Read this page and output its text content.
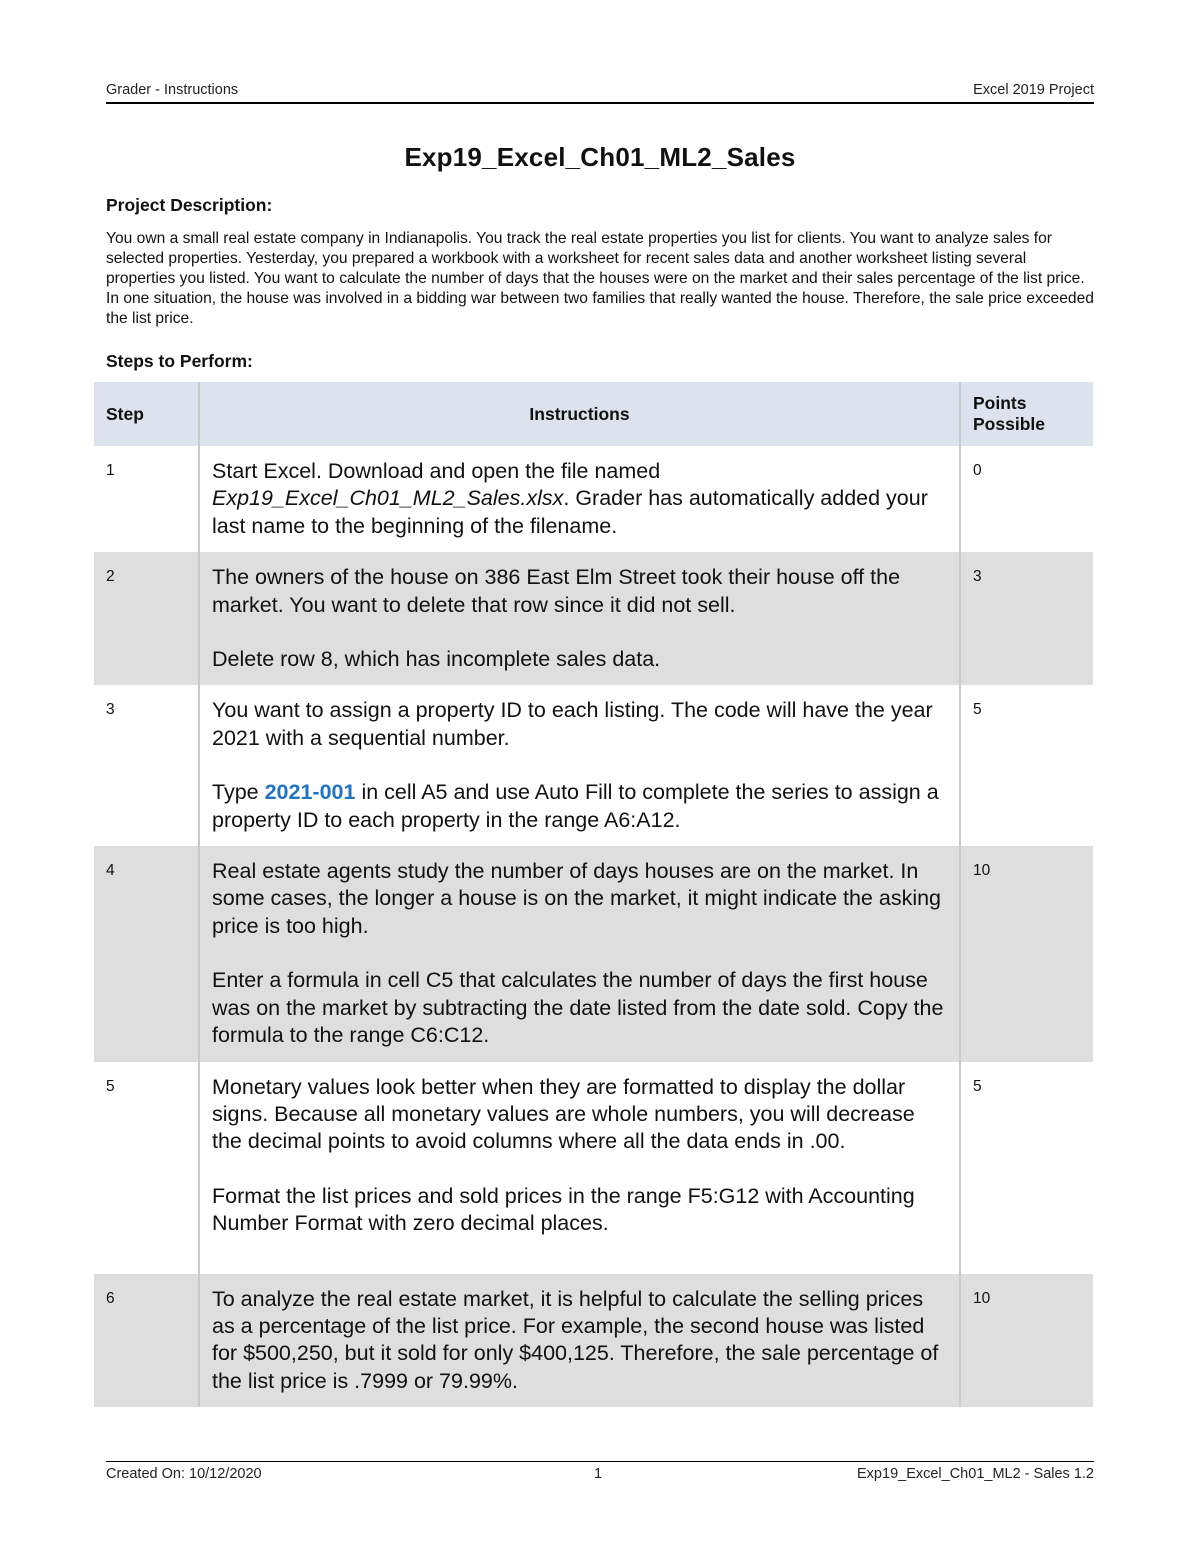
Grader - Instructions	Excel 2019 Project
Exp19_Excel_Ch01_ML2_Sales
Project Description:
You own a small real estate company in Indianapolis. You track the real estate properties you list for clients. You want to analyze sales for selected properties. Yesterday, you prepared a workbook with a worksheet for recent sales data and another worksheet listing several properties you listed. You want to calculate the number of days that the houses were on the market and their sales percentage of the list price. In one situation, the house was involved in a bidding war between two families that really wanted the house. Therefore, the sale price exceeded the list price.
Steps to Perform:
Step	Instructions	Points
Possible
1	Start Excel. Download and open the file named Exp19_Excel_Ch01_ML2_Sales.xlsx. Grader has automatically added your last name to the beginning of the filename.	0
2	The owners of the house on 386 East Elm Street took their house off the market. You want to delete that row since it did not sell.

Delete row 8, which has incomplete sales data.	3
3	You want to assign a property ID to each listing. The code will have the year 2021 with a sequential number.

Type 2021-001 in cell A5 and use Auto Fill to complete the series to assign a property ID to each property in the range A6:A12.	5
4	Real estate agents study the number of days houses are on the market. In some cases, the longer a house is on the market, it might indicate the asking price is too high.

Enter a formula in cell C5 that calculates the number of days the first house was on the market by subtracting the date listed from the date sold. Copy the formula to the range C6:C12.	10
5	Monetary values look better when they are formatted to display the dollar signs. Because all monetary values are whole numbers, you will decrease the decimal points to avoid columns where all the data ends in .00.

Format the list prices and sold prices in the range F5:G12 with Accounting Number Format with zero decimal places.	5
6	To analyze the real estate market, it is helpful to calculate the selling prices as a percentage of the list price. For example, the second house was listed for $500,250, but it sold for only $400,125. Therefore, the sale percentage of the list price is .7999 or 79.99%.	10
Created On: 10/12/2020	1	Exp19_Excel_Ch01_ML2 - Sales 1.2
